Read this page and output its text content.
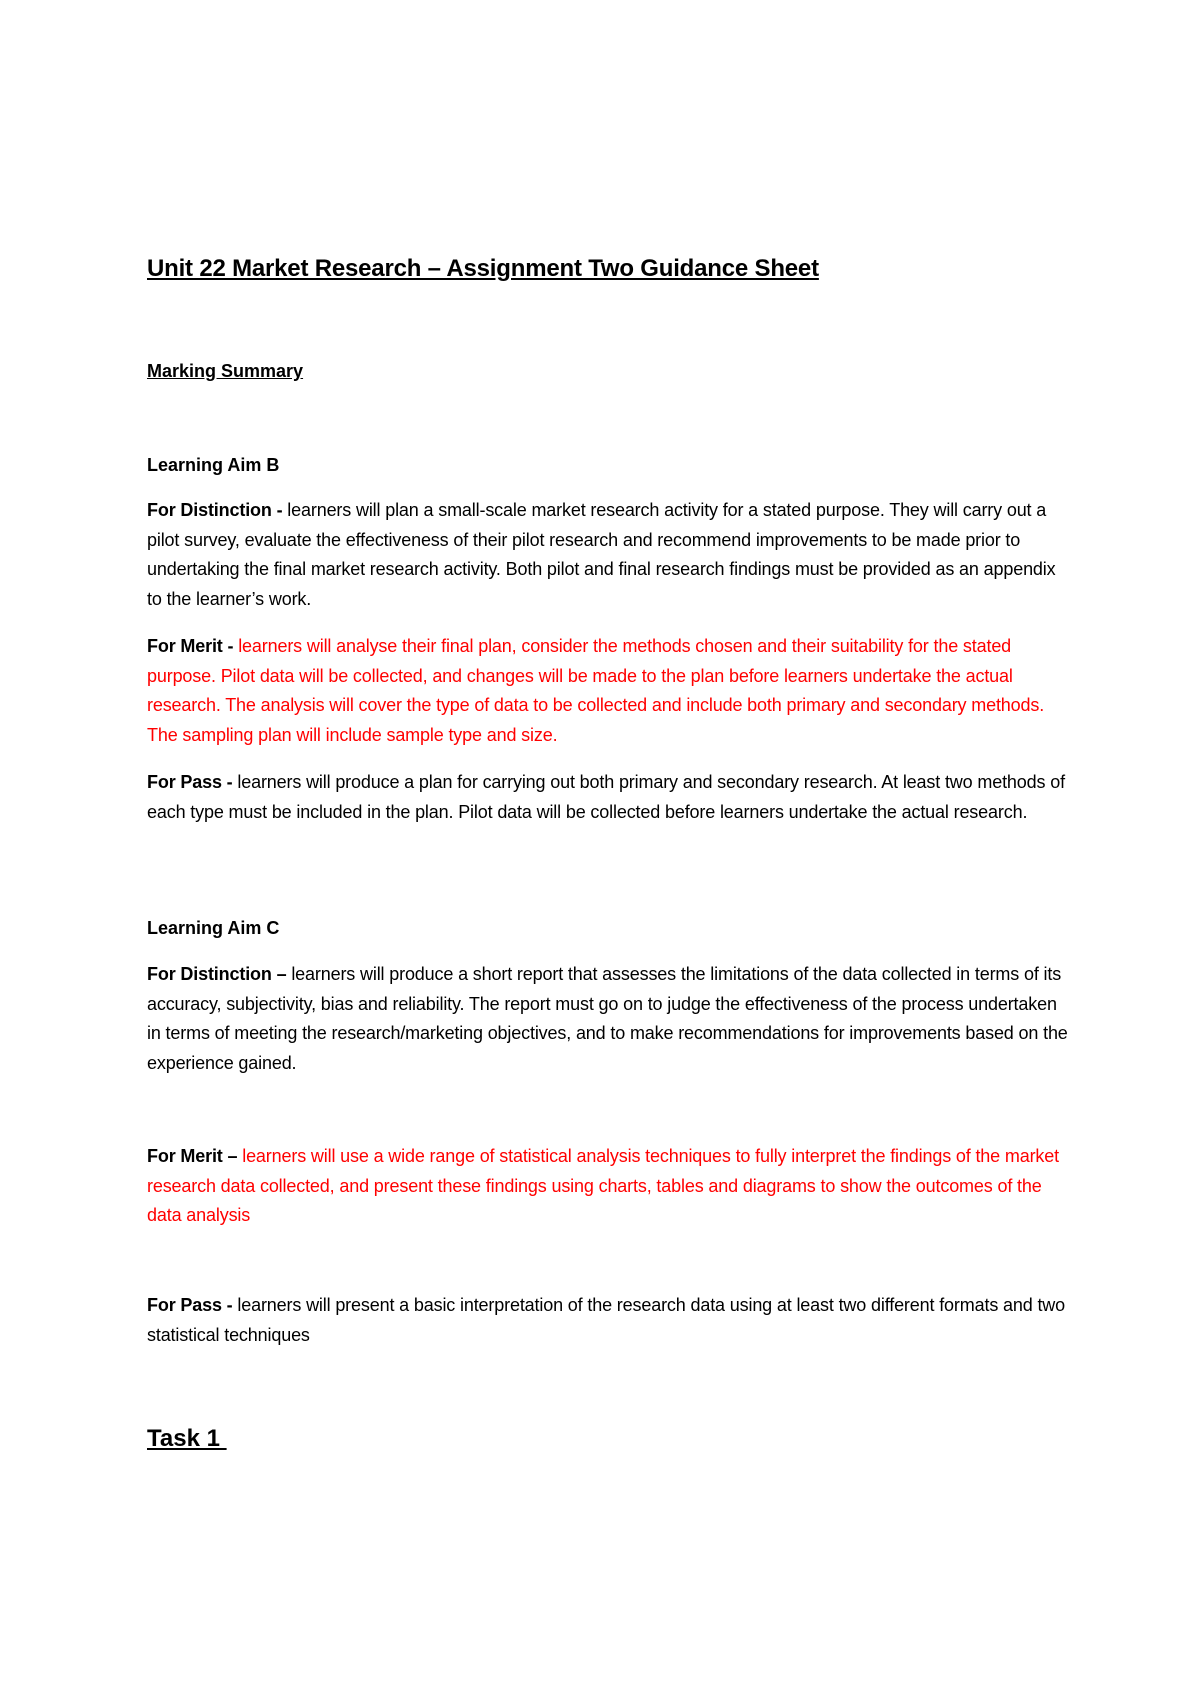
Unit 22 Market Research – Assignment Two Guidance Sheet
Marking Summary
Learning Aim B

For Distinction - learners will plan a small-scale market research activity for a stated purpose. They will carry out a pilot survey, evaluate the effectiveness of their pilot research and recommend improvements to be made prior to undertaking the final market research activity. Both pilot and final research findings must be provided as an appendix to the learner’s work.

For Merit - learners will analyse their final plan, consider the methods chosen and their suitability for the stated purpose. Pilot data will be collected, and changes will be made to the plan before learners undertake the actual research. The analysis will cover the type of data to be collected and include both primary and secondary methods. The sampling plan will include sample type and size.

For Pass - learners will produce a plan for carrying out both primary and secondary research. At least two methods of each type must be included in the plan. Pilot data will be collected before learners undertake the actual research.

Learning Aim C

For Distinction – learners will produce a short report that assesses the limitations of the data collected in terms of its accuracy, subjectivity, bias and reliability. The report must go on to judge the effectiveness of the process undertaken in terms of meeting the research/marketing objectives, and to make recommendations for improvements based on the experience gained.

For Merit – learners will use a wide range of statistical analysis techniques to fully interpret the findings of the market research data collected, and present these findings using charts, tables and diagrams to show the outcomes of the data analysis

For Pass - learners will present a basic interpretation of the research data using at least two different formats and two statistical techniques

Task 1
